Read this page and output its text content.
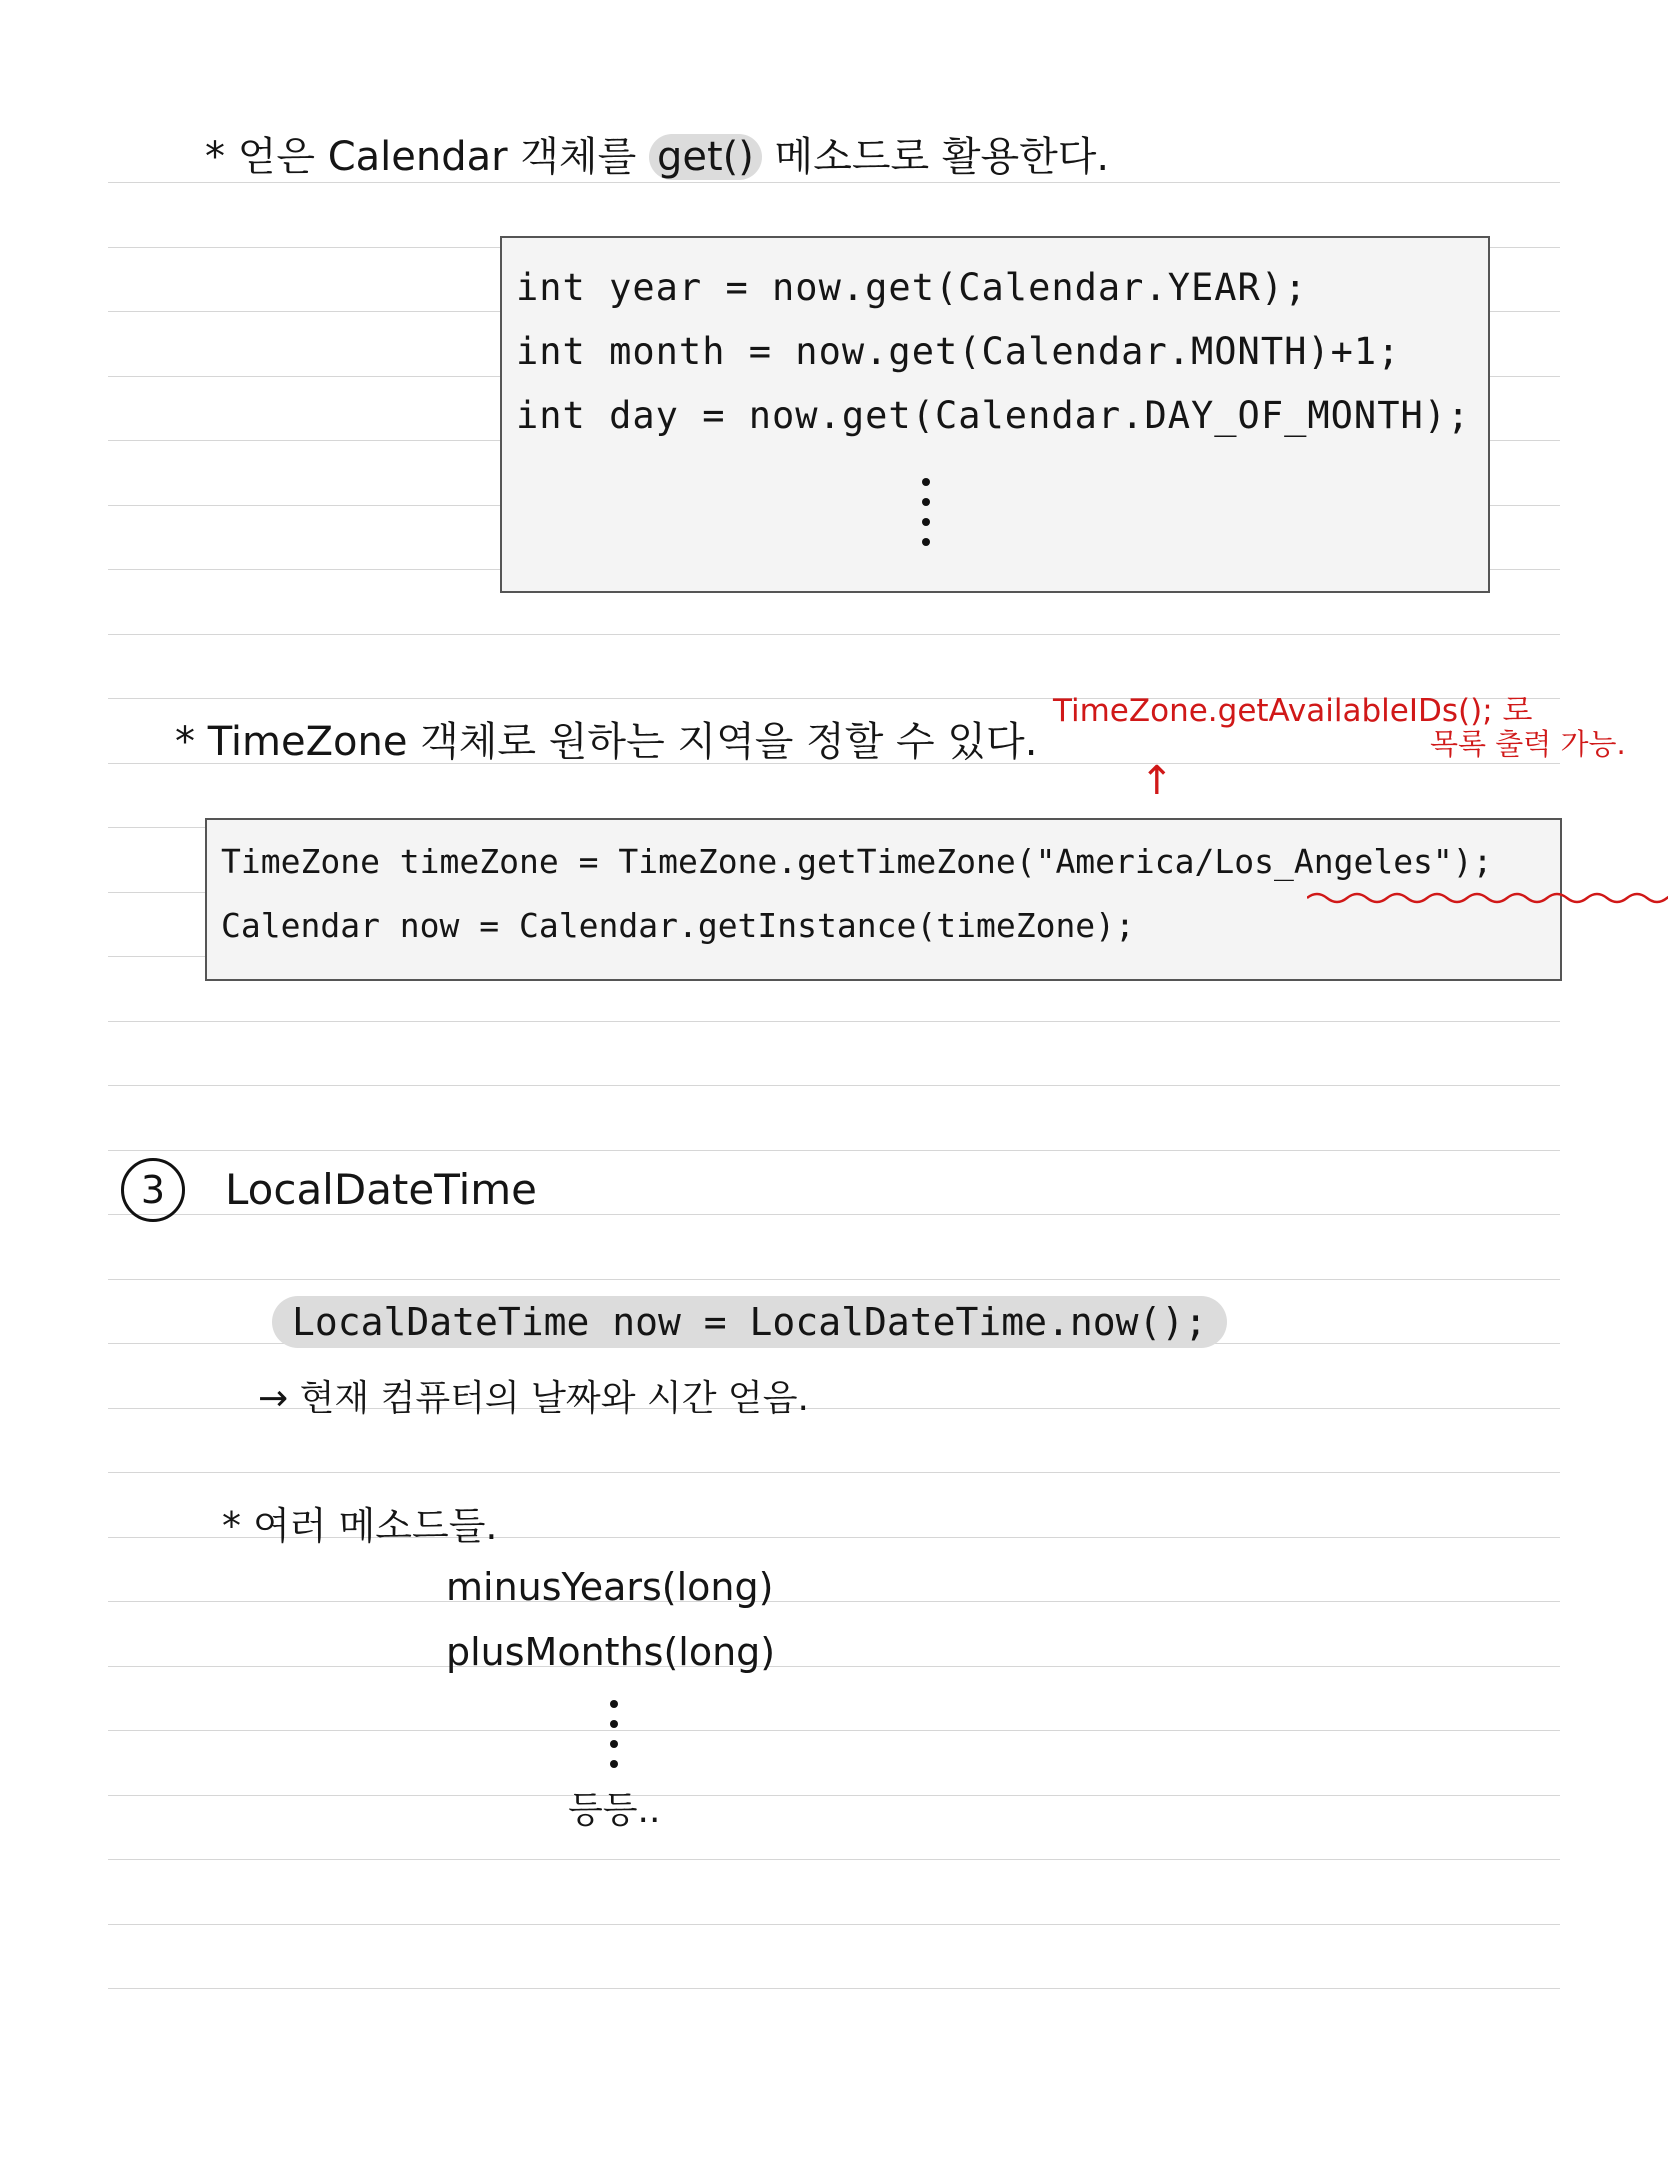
* 얻은 Calendar 객체를 get() 메소드로 활용한다.
int year = now.get(Calendar.YEAR);
int month = now.get(Calendar.MONTH)+1;
int day = now.get(Calendar.DAY_OF_MONTH);
* TimeZone 객체로 원하는 지역을 정할 수 있다.
TimeZone.getAvailableIDs(); 로
목록 출력 가능.
↑
TimeZone timeZone = TimeZone.getTimeZone("America/Los_Angeles");
Calendar now = Calendar.getInstance(timeZone);
3	LocalDateTime
LocalDateTime now = LocalDateTime.now();
→ 현재 컴퓨터의 날짜와 시간 얻음.
* 여러 메소드들.
minusYears(long)
plusMonths(long)
등등..
